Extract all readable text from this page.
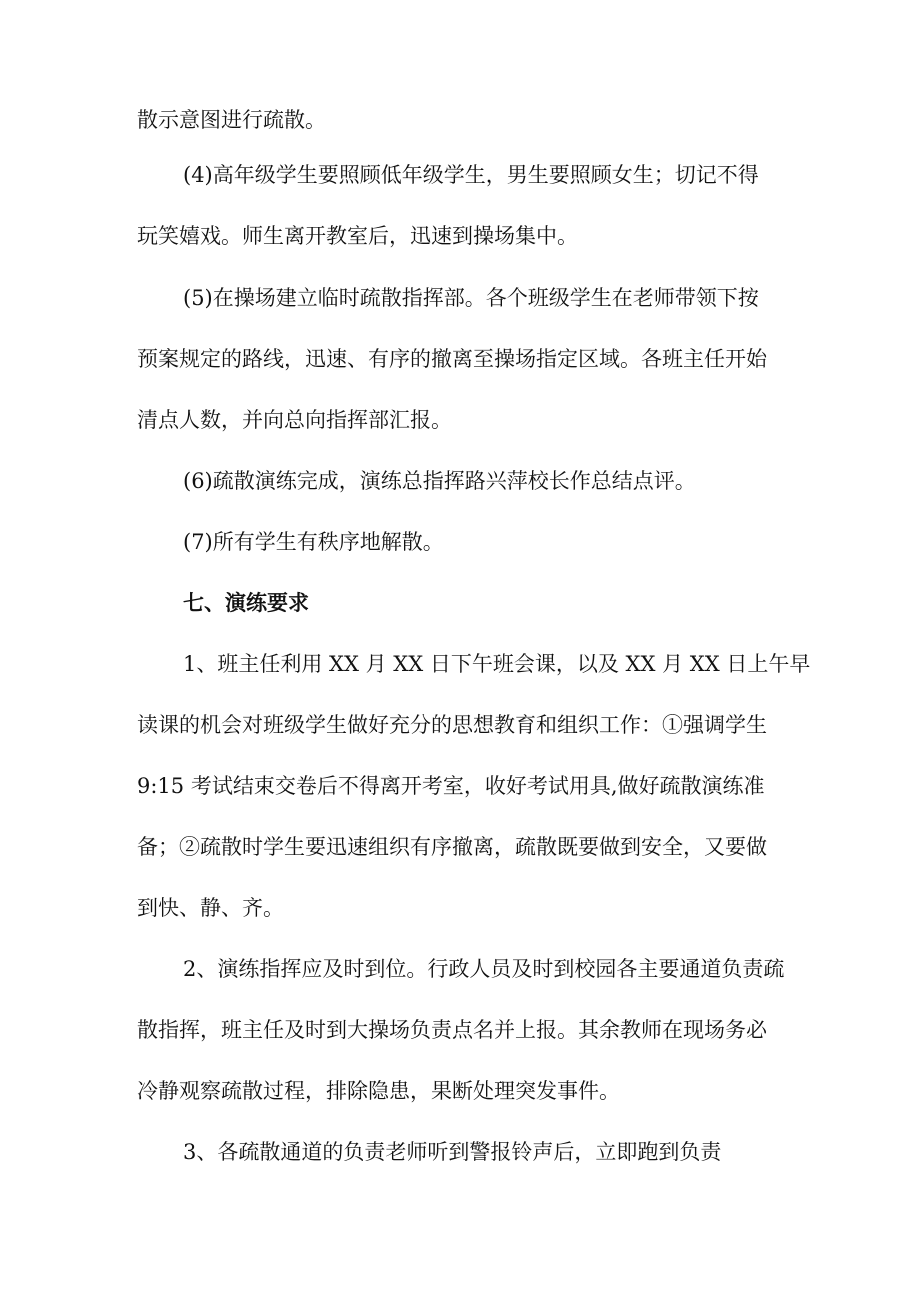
散示意图进行疏散。

(4)高年级学生要照顾低年级学生，男生要照顾女生；切记不得

玩笑嬉戏。师生离开教室后，迅速到操场集中。

(5)在操场建立临时疏散指挥部。各个班级学生在老师带领下按

预案规定的路线，迅速、有序的撤离至操场指定区域。各班主任开始

清点人数，并向总向指挥部汇报。

(6)疏散演练完成，演练总指挥路兴萍校长作总结点评。

(7)所有学生有秩序地解散。

七、演练要求

1、班主任利用 XX 月 XX 日下午班会课，以及 XX 月 XX 日上午早

读课的机会对班级学生做好充分的思想教育和组织工作：①强调学生

9:15 考试结束交卷后不得离开考室，收好考试用具,做好疏散演练准

备；②疏散时学生要迅速组织有序撤离，疏散既要做到安全，又要做

到快、静、齐。

2、演练指挥应及时到位。行政人员及时到校园各主要通道负责疏

散指挥，班主任及时到大操场负责点名并上报。其余教师在现场务必

冷静观察疏散过程，排除隐患，果断处理突发事件。

3、各疏散通道的负责老师听到警报铃声后，立即跑到负责
